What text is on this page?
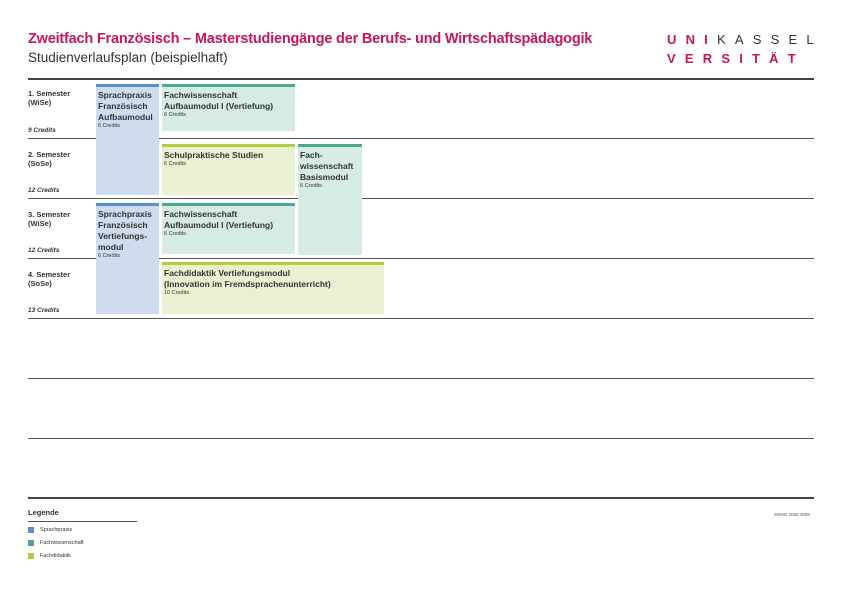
Zweitfach Französisch – Masterstudiengänge der Berufs- und Wirtschaftspädagogik
Studienverlaufsplan (beispielhaft)
UNIKASSEL
VERSITÄT
1. Semester
(WiSe)
9 Credits
2. Semester
(SoSe)
12 Credits
3. Semester
(WiSe)
12 Credits
4. Semester
(SoSe)
13 Credits
Sprachpraxis
Französisch
Aufbaumodul
6 Credits
Fachwissenschaft
Aufbaumodul I (Vertiefung)
6 Credits
Schulpraktische Studien
6 Credits
Fach-
wissenschaft
Basismodul
6 Credits
Sprachpraxis
Französisch
Vertiefungs-
modul
6 Credits
Fachwissenschaft
Aufbaumodul I (Vertiefung)
6 Credits
Fachdidaktik Vertiefungsmodul
(Innovation im Fremdsprachenunterricht)
10 Credits
Legende
Sprachpraxis
Fachwissenschaft
Fachdidaktik
SWAD 2008 2005
